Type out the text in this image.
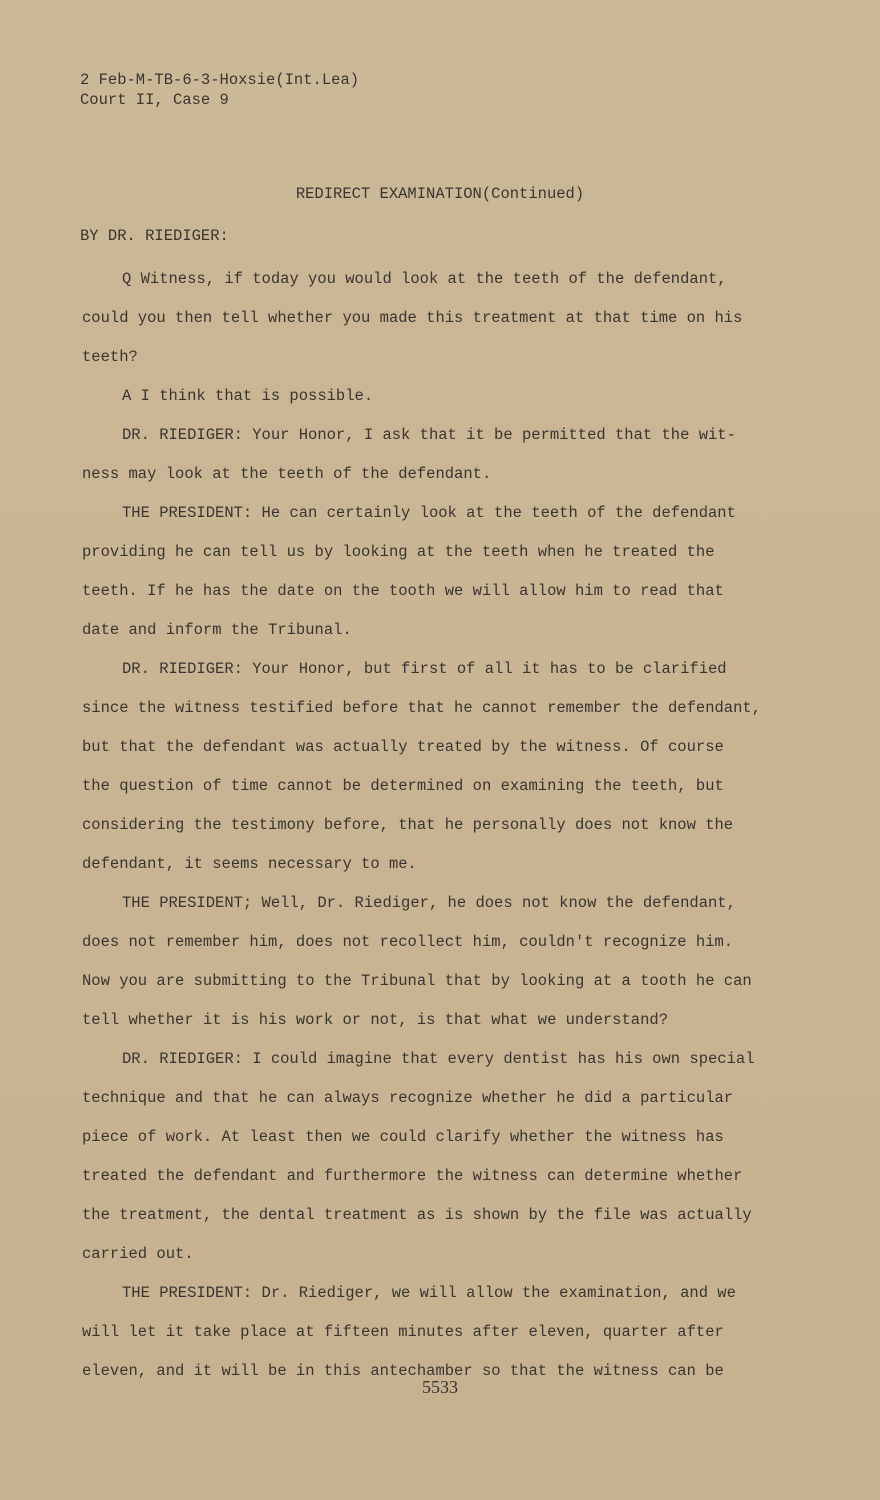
2 Feb-M-TB-6-3-Hoxsie(Int.Lea)
Court II, Case 9
REDIRECT EXAMINATION(Continued)
BY DR. RIEDIGER:
Q Witness, if today you would look at the teeth of the defendant,
could you then tell whether you made this treatment at that time on his
teeth?
A I think that is possible.
DR. RIEDIGER: Your Honor, I ask that it be permitted that the wit-
ness may look at the teeth of the defendant.
THE PRESIDENT: He can certainly look at the teeth of the defendant
providing he can tell us by looking at the teeth when he treated the
teeth. If he has the date on the tooth we will allow him to read that
date and inform the Tribunal.
DR. RIEDIGER: Your Honor, but first of all it has to be clarified
since the witness testified before that he cannot remember the defendant,
but that the defendant was actually treated by the witness. Of course
the question of time cannot be determined on examining the teeth, but
considering the testimony before, that he personally does not know the
defendant, it seems necessary to me.
THE PRESIDENT; Well, Dr. Riediger, he does not know the defendant,
does not remember him, does not recollect him, couldn't recognize him.
Now you are submitting to the Tribunal that by looking at a tooth he can
tell whether it is his work or not, is that what we understand?
DR. RIEDIGER: I could imagine that every dentist has his own special
technique and that he can always recognize whether he did a particular
piece of work. At least then we could clarify whether the witness has
treated the defendant and furthermore the witness can determine whether
the treatment, the dental treatment as is shown by the file was actually
carried out.
THE PRESIDENT: Dr. Riediger, we will allow the examination, and we
will let it take place at fifteen minutes after eleven, quarter after
eleven, and it will be in this antechamber so that the witness can be
5533
